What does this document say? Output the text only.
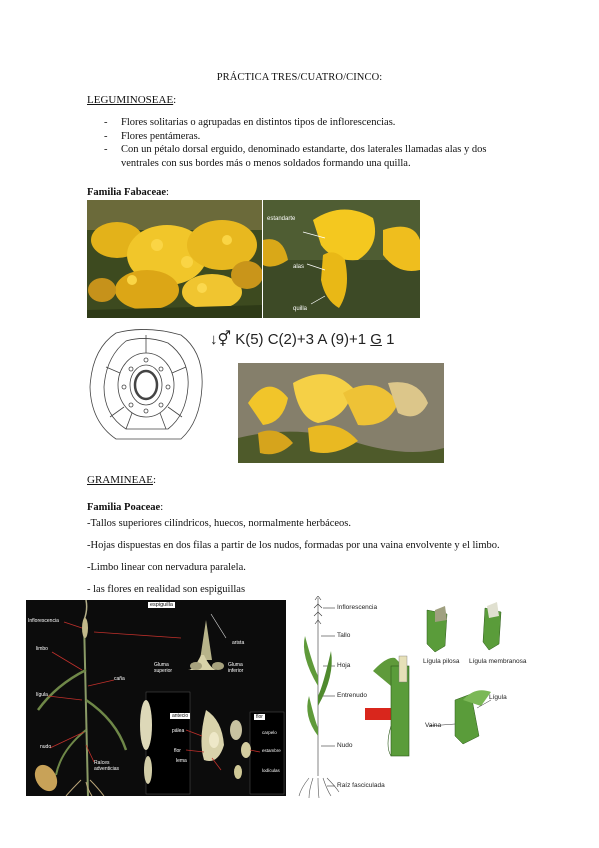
PRÁCTICA TRES/CUATRO/CINCO:
LEGUMINOSEAE:
- Flores solitarias o agrupadas en distintos tipos de inflorescencias.
- Flores pentámeras.
- Con un pétalo dorsal erguido, denominado estandarte, dos laterales llamadas alas y dos ventrales con sus bordes más o menos soldados formando una quilla.
Familia Fabaceae:
estandarte
alas
quilla
↓⚥ K(5) C(2)+3 A (9)+1 G 1
GRAMINEAE:
Familia Poaceae:
-Tallos superiores cilíndricos, huecos, normalmente herbáceos.
-Hojas dispuestas en dos filas a partir de los nudos, formadas por una vaina envolvente y el limbo.
-Limbo linear con nervadura paralela.
- las flores en realidad son espiguillas
espiguilla
Inflorescencia
limbo
caña
lígula
nudo
Raíces adventicias
arista
Gluma superior
Gluma inferior
antecio
pálea
flor
lema
flor
carpelo
estambre
lodículas
Inflorescencia
Tallo
Hoja
Entrenudo
Nudo
Raíz fasciculada
Lígula pilosa Lígula membranosa
Lígula
Vaina
